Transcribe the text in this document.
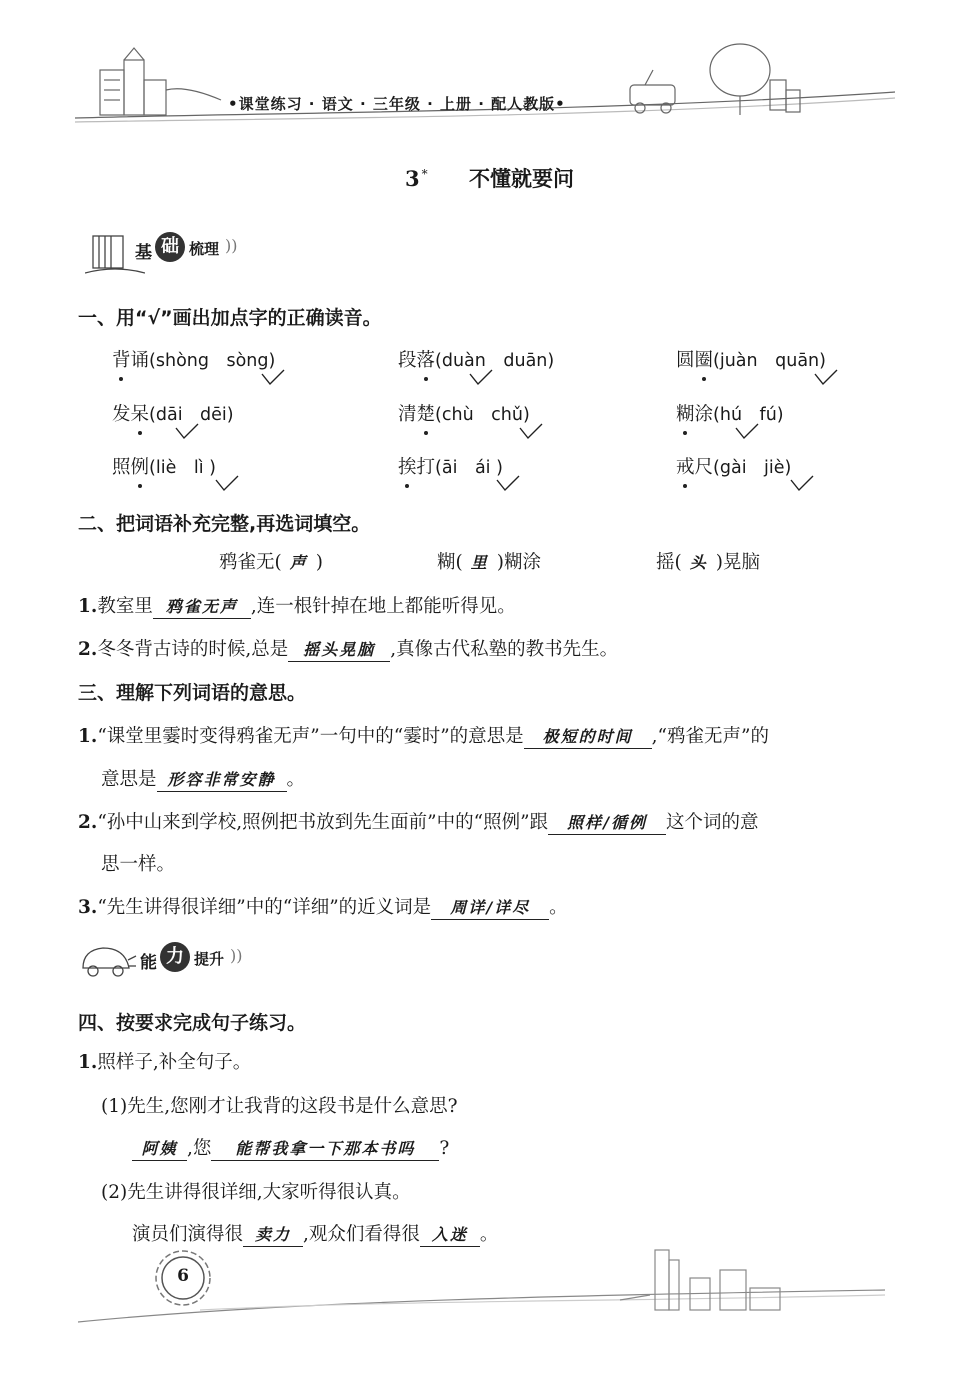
•课堂练习 · 语文 · 三年级 · 上册 · 配人教版•
3 * 不懂就要问
基 础 梳理 ))
一、用“√”画出加点字的正确读音。
背诵(shòng　sòng)	段落(duàn　duān)	圆圈(juàn　quān)
发呆(dāi　dēi)	清楚(chù　chǔ)	糊涂(hú　fú)
照例(liè　lì )	挨打(āi　ái )	戒尺(gài　jiè)
二、把词语补充完整,再选词填空。
鸦雀无( 声 )	糊( 里 )糊涂	摇( 头 )晃脑
1.教室里 鸦雀无声 ,连一根针掉在地上都能听得见。
2.冬冬背古诗的时候,总是 摇头晃脑 ,真像古代私塾的教书先生。
三、理解下列词语的意思。
1.“课堂里霎时变得鸦雀无声”一句中的“霎时”的意思是 极短的时间 ,“鸦雀无声”的
意思是 形容非常安静 。
2.“孙中山来到学校,照例把书放到先生面前”中的“照例”跟 照样/循例 这个词的意
思一样。
3.“先生讲得很详细”中的“详细”的近义词是 周详/详尽 。
能 力 提升 ))
四、按要求完成句子练习。
1.照样子,补全句子。
(1)先生,您刚才让我背的这段书是什么意思?
阿姨 ,您 能帮我拿一下那本书吗 ?
(2)先生讲得很详细,大家听得很认真。
演员们演得很 卖力 ,观众们看得很 入迷 。
6
